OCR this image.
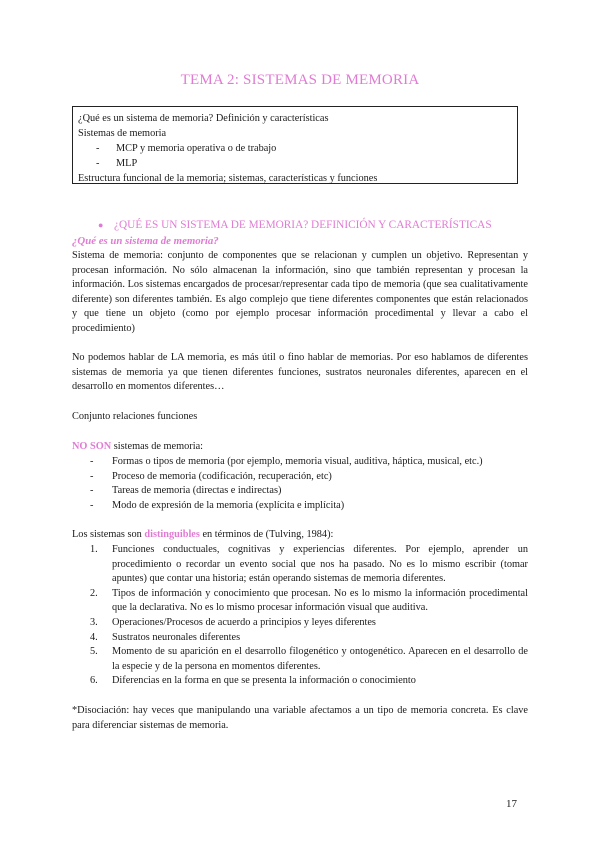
TEMA 2: SISTEMAS DE MEMORIA
¿Qué es un sistema de memoria? Definición y características
Sistemas de memoria
- MCP y memoria operativa o de trabajo
- MLP
Estructura funcional de la memoria; sistemas, características y funciones
● ¿QUÉ ES UN SISTEMA DE MEMORIA? DEFINICIÓN Y CARACTERÍSTICAS
¿Qué es un sistema de memoria?
Sistema de memoria: conjunto de componentes que se relacionan y cumplen un objetivo. Representan y procesan información. No sólo almacenan la información, sino que también representan y procesan la información. Los sistemas encargados de procesar/representar cada tipo de memoria (que sea cualitativamente diferente) son diferentes también. Es algo complejo que tiene diferentes componentes que están relacionados y que tiene un objeto (como por ejemplo procesar información procedimental y llevar a cabo el procedimiento)
No podemos hablar de LA memoria, es más útil o fino hablar de memorias. Por eso hablamos de diferentes sistemas de memoria ya que tienen diferentes funciones, sustratos neuronales diferentes, aparecen en el desarrollo en momentos diferentes…
Conjunto relaciones funciones
NO SON sistemas de memoria:
-	Formas o tipos de memoria (por ejemplo, memoria visual, auditiva, háptica, musical, etc.)
-	Proceso de memoria (codificación, recuperación, etc)
-	Tareas de memoria (directas e indirectas)
-	Modo de expresión de la memoria (explícita e implícita)
Los sistemas son distinguibles en términos de (Tulving, 1984):
1.	Funciones conductuales, cognitivas y experiencias diferentes. Por ejemplo, aprender un procedimiento o recordar un evento social que nos ha pasado. No es lo mismo escribir (tomar apuntes) que contar una historia; están operando sistemas de memoria diferentes.
2.	Tipos de información y conocimiento que procesan. No es lo mismo la información procedimental que la declarativa. No es lo mismo procesar información visual que auditiva.
3.	Operaciones/Procesos de acuerdo a principios y leyes diferentes
4.	Sustratos neuronales diferentes
5.	Momento de su aparición en el desarrollo filogenético y ontogenético. Aparecen en el desarrollo de la especie y de la persona en momentos diferentes.
6.	Diferencias en la forma en que se presenta la información o conocimiento
*Disociación: hay veces que manipulando una variable afectamos a un tipo de memoria concreta. Es clave para diferenciar sistemas de memoria.
17
